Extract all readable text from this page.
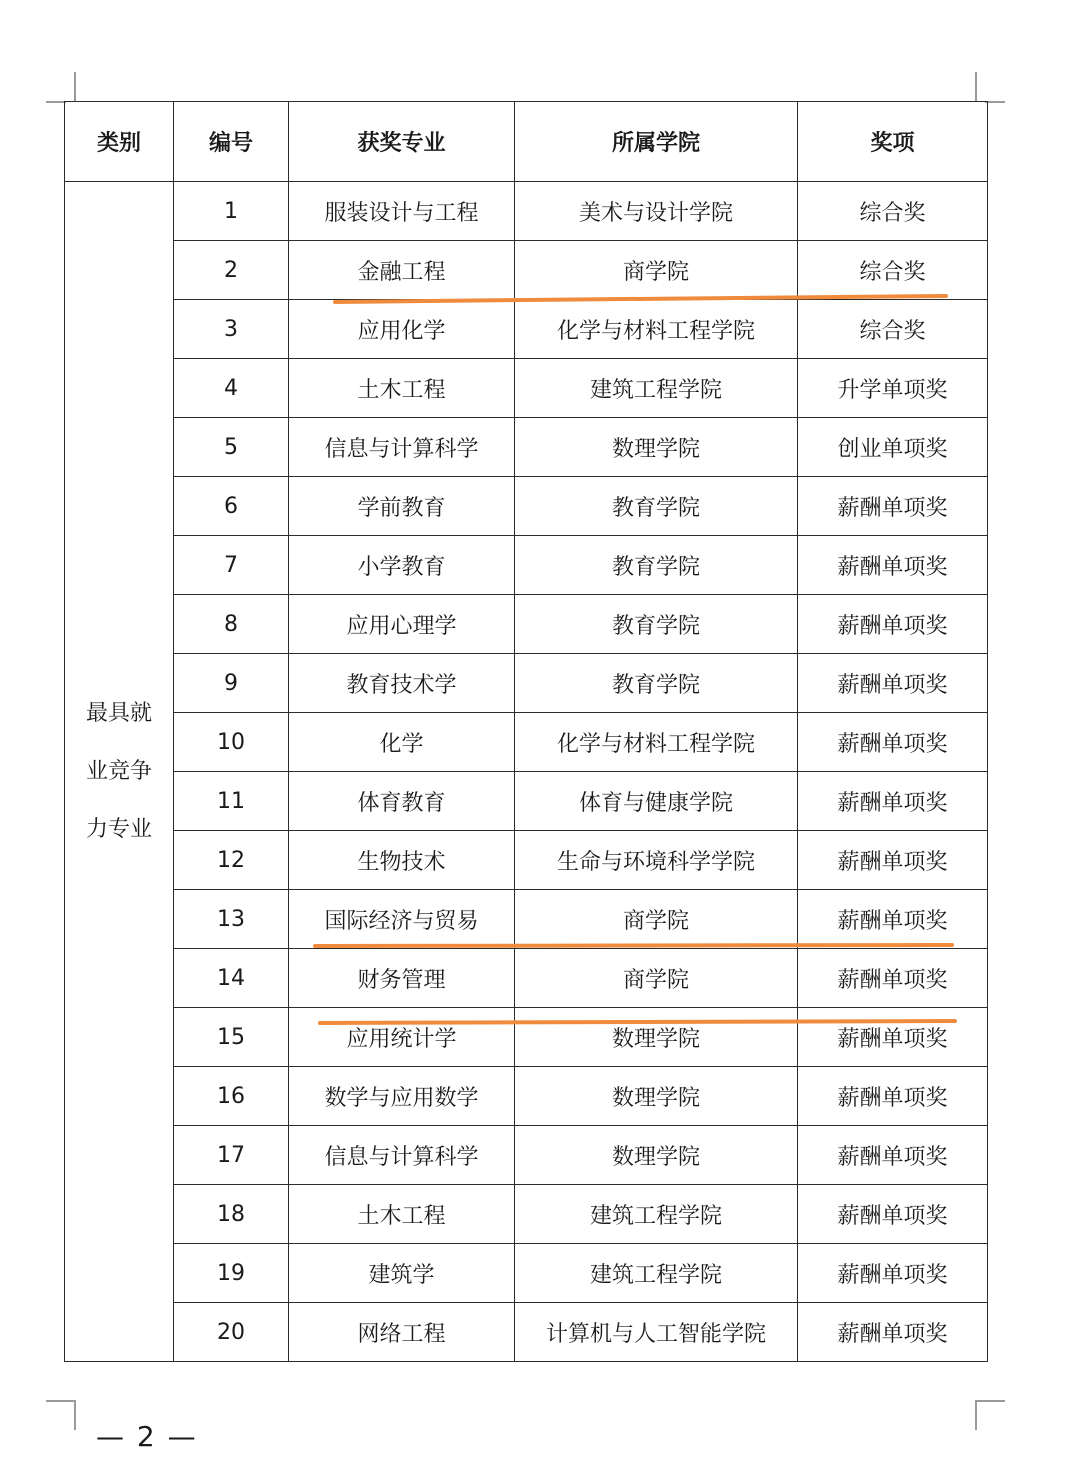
类别	编号	获奖专业	所属学院	奖项

最具就
业竞争
力专业	1	服装设计与工程	美术与设计学院	综合奖
	2	金融工程	商学院	综合奖
	3	应用化学	化学与材料工程学院	综合奖
	4	土木工程	建筑工程学院	升学单项奖
	5	信息与计算科学	数理学院	创业单项奖
	6	学前教育	教育学院	薪酬单项奖
	7	小学教育	教育学院	薪酬单项奖
	8	应用心理学	教育学院	薪酬单项奖
	9	教育技术学	教育学院	薪酬单项奖
	10	化学	化学与材料工程学院	薪酬单项奖
	11	体育教育	体育与健康学院	薪酬单项奖
	12	生物技术	生命与环境科学学院	薪酬单项奖
	13	国际经济与贸易	商学院	薪酬单项奖
	14	财务管理	商学院	薪酬单项奖
	15	应用统计学	数理学院	薪酬单项奖
	16	数学与应用数学	数理学院	薪酬单项奖
	17	信息与计算科学	数理学院	薪酬单项奖
	18	土木工程	建筑工程学院	薪酬单项奖
	19	建筑学	建筑工程学院	薪酬单项奖
	20	网络工程	计算机与人工智能学院	薪酬单项奖
— 2 —
